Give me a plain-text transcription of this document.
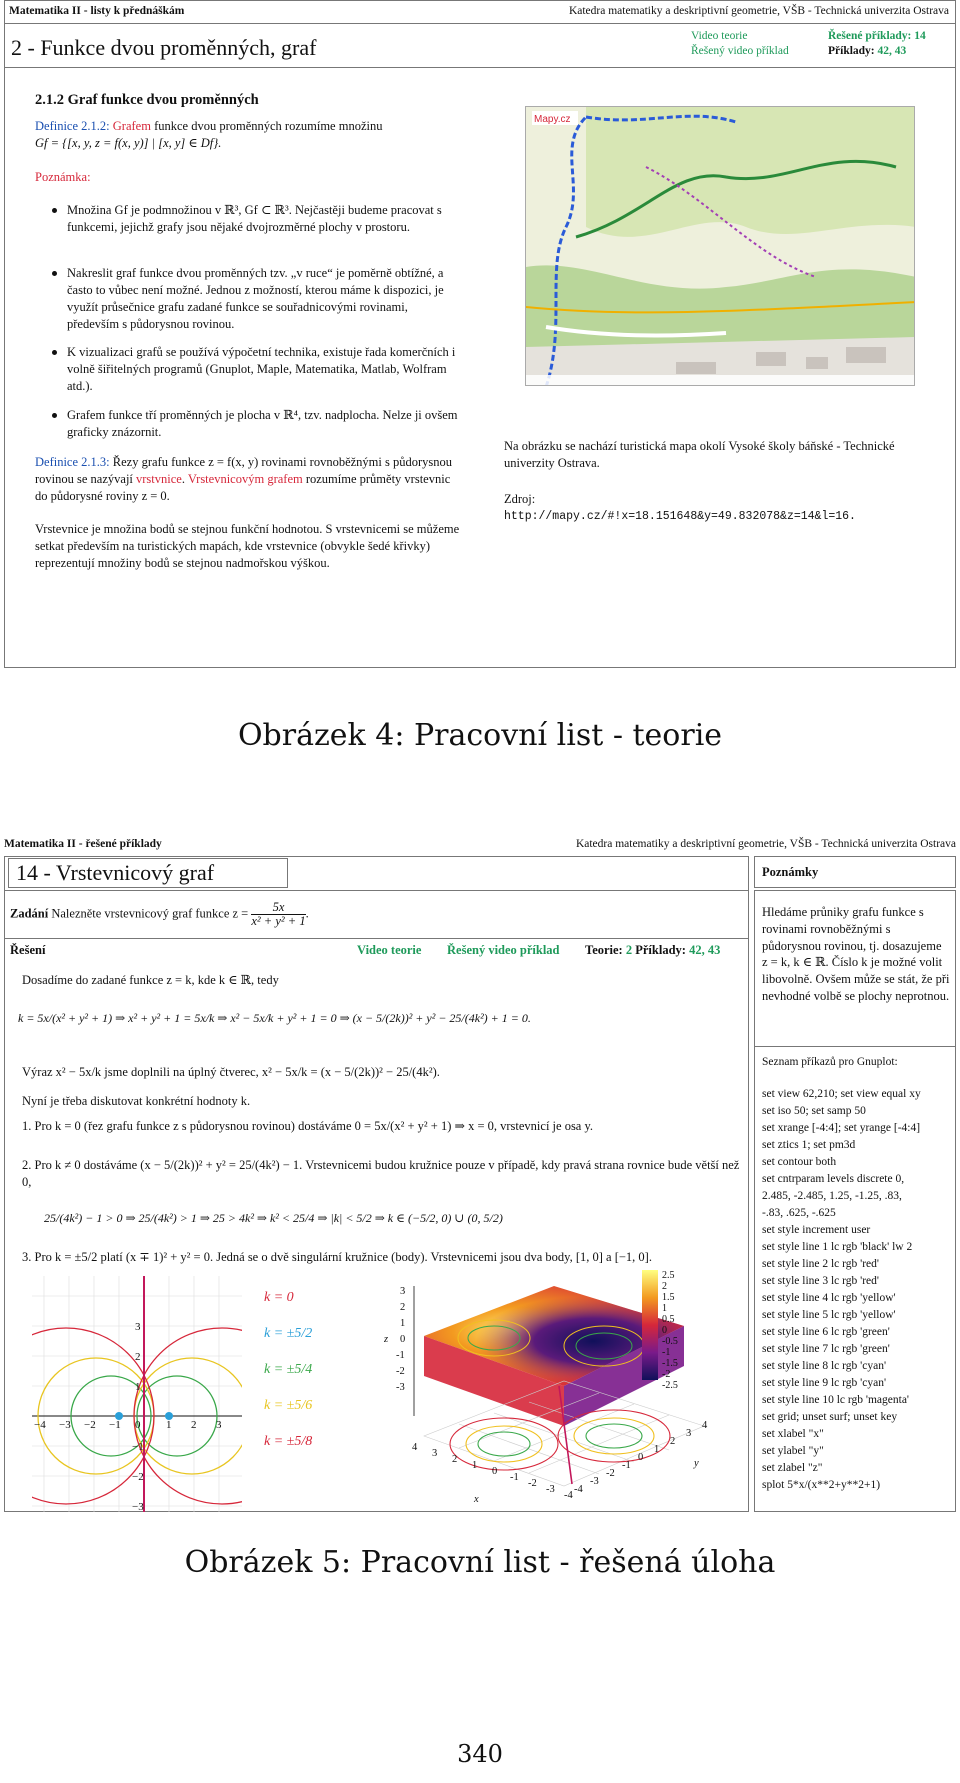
Matematika II - listy k přednáškám	Katedra matematiky a deskriptivní geometrie, VŠB - Technická univerzita Ostrava
2 - Funkce dvou proměnných, graf	Video teorie
Řešený video příklad
Řešené příklady: 14
Příklady: 42, 43
2.1.2 Graf funkce dvou proměnných
Definice 2.1.2: Grafem funkce dvou proměnných rozumíme množinu
Gf = {[x, y, z = f(x, y)] | [x, y] ∈ Df}.
Poznámka:
Množina Gf je podmnožinou v ℝ³, Gf ⊂ ℝ³. Nejčastěji budeme pracovat s funkcemi, jejichž grafy jsou nějaké dvojrozměrné plochy v prostoru.
Nakreslit graf funkce dvou proměnných tzv. „v ruce“ je poměrně obtížné, a často to vůbec není možné. Jednou z možností, kterou máme k dispozici, je využít průsečnice grafu zadané funkce se souřadnicovými rovinami, především s půdorysnou rovinou.
K vizualizaci grafů se používá výpočetní technika, existuje řada komerčních i volně šiřitelných programů (Gnuplot, Maple, Matematika, Matlab, Wolfram atd.).
Grafem funkce tří proměnných je plocha v ℝ⁴, tzv. nadplocha. Nelze ji ovšem graficky znázornit.
Definice 2.1.3: Řezy grafu funkce z = f(x, y) rovinami rovnoběžnými s půdorysnou rovinou se nazývají vrstvnice. Vrstevnicovým grafem rozumíme průměty vrstevnic do půdorysné roviny z = 0.
Vrstevnice je množina bodů se stejnou funkční hodnotou. S vrstevnicemi se můžeme setkat především na turistických mapách, kde vrstevnice (obvykle šedé křivky) reprezentují množiny bodů se stejnou nadmořskou výškou.
Mapy.cz
Na obrázku se nachází turistická mapa okolí Vysoké školy báňské - Technické univerzity Ostrava.
Zdroj:
http://mapy.cz/#!x=18.151648&y=49.832078&z=14&l=16.
Obrázek 4: Pracovní list - teorie
Matematika II - řešené příklady	Katedra matematiky a deskriptivní geometrie, VŠB - Technická univerzita Ostrava
14 - Vrstevnicový graf
Zadání Nalezněte vrstevnicový graf funkce $z = \frac{5x}{\text{x² + y² + 1}}$ .
Řešení	Video teorie Řešený video příklad Teorie: 2 Příklady: 42, 43
Dosadíme do zadané funkce z = k, kde k ∈ ℝ, tedy
k = 5x/(x² + y² + 1) ⇒ x² + y² + 1 = 5x/k ⇒ x² − 5x/k + y² + 1 = 0 ⇒ (x − 5/(2k))² + y² − 25/(4k²) + 1 = 0.
Výraz x² − 5x/k jsme doplnili na úplný čtverec, x² − 5x/k = (x − 5/(2k))² − 25/(4k²).
Nyní je třeba diskutovat konkrétní hodnoty k.
1. Pro k = 0 (řez grafu funkce z s půdorysnou rovinou) dostáváme 0 = 5x/(x² + y² + 1) ⇒ x = 0, vrstevnicí je osa y.
2. Pro k ≠ 0 dostáváme (x − 5/(2k))² + y² = 25/(4k²) − 1. Vrstevnicemi budou kružnice pouze v případě, kdy pravá strana rovnice bude větší než 0,
25/(4k²) − 1 > 0 ⇒ 25/(4k²) > 1 ⇒ 25 > 4k² ⇒ k² < 25/4 ⇒ |k| < 5/2 ⇒ k ∈ (−5/2, 0) ∪ (0, 5/2)
3. Pro k = ±5/2 platí (x ∓ 1)² + y² = 0. Jedná se o dvě singulární kružnice (body). Vrstevnicemi jsou dva body, [1, 0] a [−1, 0].
−4 −3 −2 −1 0 1 2 3
3
2
1
−1
−2
−3
k = 0
k = ±5/2
k = ±5/4
k = ±5/6
k = ±5/8
3
2
1
0
-1
-2
-3
z
4
3
2
1
0
-1
-2
-3
-4
x
-4
-3
-2
-1
0
1
2
3
4
y
2.5
2
1.5
1
0.5
0
-0.5
-1
-1.5
-2
-2.5
Poznámky
Hledáme průniky grafu funkce s rovinami rovnoběžnými s půdorysnou rovinou, tj. dosazujeme z = k, k ∈ ℝ. Číslo k je možné volit libovolně. Ovšem může se stát, že při nevhodné volbě se plochy neprotnou.
Seznam příkazů pro Gnuplot:
set view 62,210; set view equal xy
set iso 50; set samp 50
set xrange [-4:4]; set yrange [-4:4]
set ztics 1; set pm3d
set contour both
set cntrparam levels discrete 0,
2.485, -2.485, 1.25, -1.25, .83,
-.83, .625, -.625
set style increment user
set style line 1 lc rgb 'black' lw 2
set style line 2 lc rgb 'red'
set style line 3 lc rgb 'red'
set style line 4 lc rgb 'yellow'
set style line 5 lc rgb 'yellow'
set style line 6 lc rgb 'green'
set style line 7 lc rgb 'green'
set style line 8 lc rgb 'cyan'
set style line 9 lc rgb 'cyan'
set style line 10 lc rgb 'magenta'
set grid; unset surf; unset key
set xlabel "x"
set ylabel "y"
set zlabel "z"
splot 5*x/(x**2+y**2+1)
Obrázek 5: Pracovní list - řešená úloha
340
